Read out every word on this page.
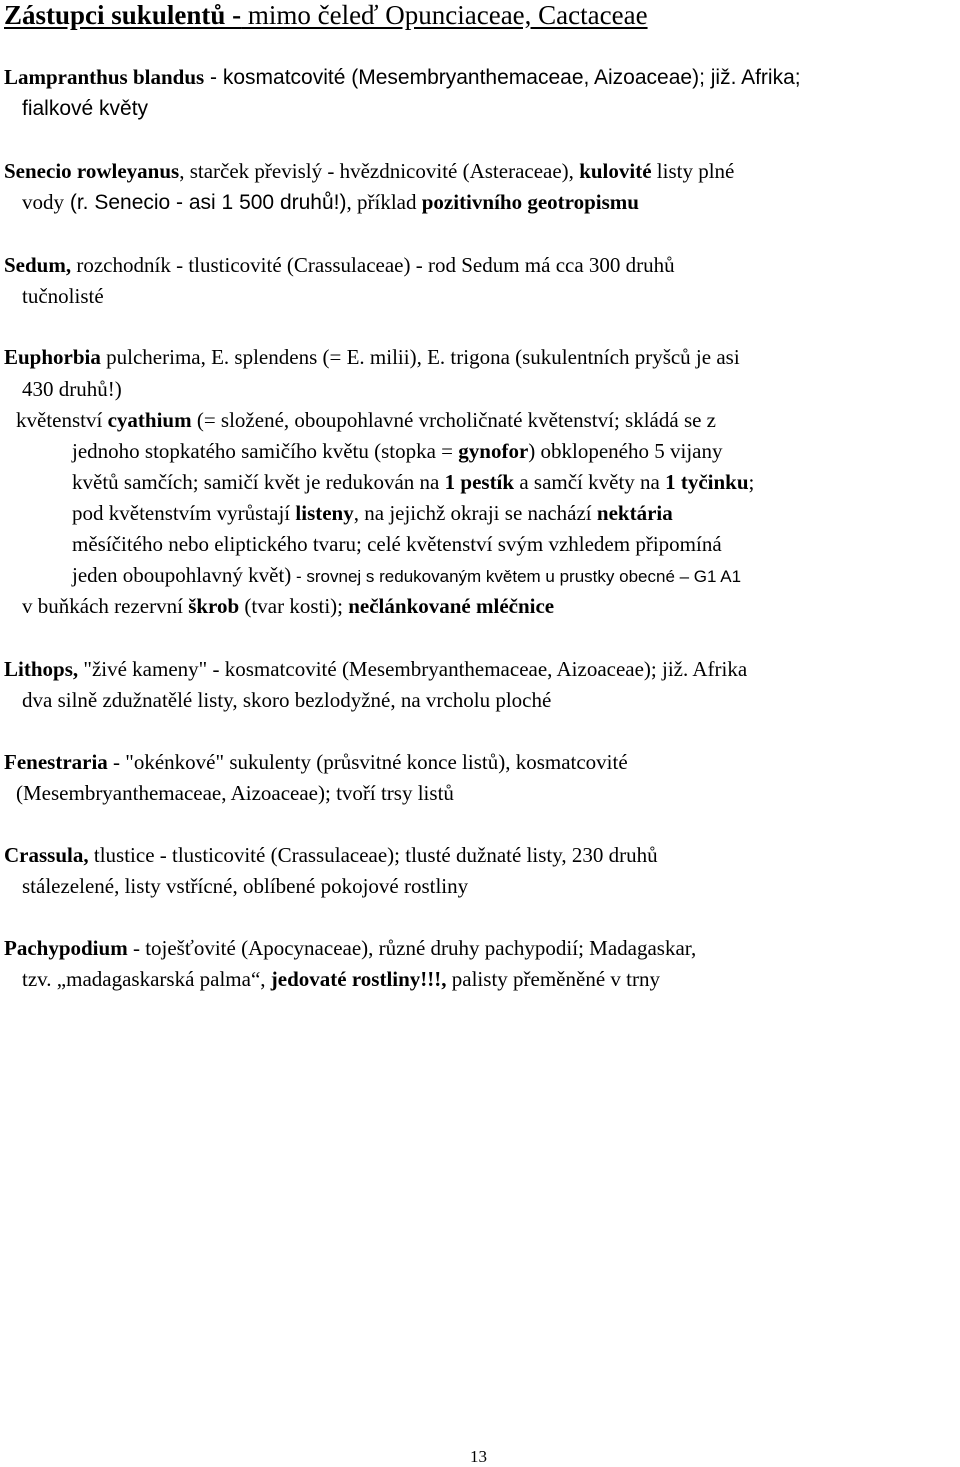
Zástupci sukulentů - mimo čeleď Opunciaceae, Cactaceae
Lampranthus blandus - kosmatcovité (Mesembryanthemaceae, Aizoaceae); již. Afrika;
fialkové květy
Senecio rowleyanus, starček převislý - hvězdnicovité (Asteraceae), kulovité listy plné
vody (r. Senecio - asi 1 500 druhů!), příklad pozitivního geotropismu
Sedum, rozchodník - tlusticovité (Crassulaceae) - rod Sedum má cca 300 druhů
tučnolisté
Euphorbia pulcherima, E. splendens (= E. milii), E. trigona (sukulentních pryšců je asi
430 druhů!)
květenství cyathium (= složené, oboupohlavné vrcholičnaté květenství; skládá se z
jednoho stopkatého samičího květu (stopka = gynofor) obklopeného 5 vijany
květů samčích; samičí květ je redukován na 1 pestík a samčí květy na 1 tyčinku;
pod květenstvím vyrůstají listeny, na jejichž okraji se nachází nektária
měsíčitého nebo eliptického tvaru; celé květenství svým vzhledem připomíná
jeden oboupohlavný květ) - srovnej s redukovaným květem u prustky obecné – G1 A1
v buňkách rezervní škrob (tvar kosti); nečlánkované mléčnice
Lithops, "živé kameny" - kosmatcovité (Mesembryanthemaceae, Aizoaceae); již. Afrika
dva silně zdužnatělé listy, skoro bezlodyžné, na vrcholu ploché
Fenestraria - "okénkové" sukulenty (průsvitné konce listů), kosmatcovité
(Mesembryanthemaceae, Aizoaceae); tvoří trsy listů
Crassula, tlustice - tlusticovité (Crassulaceae); tlusté dužnaté listy, 230 druhů
stálezelené, listy vstřícné, oblíbené pokojové rostliny
Pachypodium - toješťovité (Apocynaceae), různé druhy pachypodií; Madagaskar,
tzv. „madagaskarská palma“, jedovaté rostliny!!!, palisty přeměněné v trny
13
